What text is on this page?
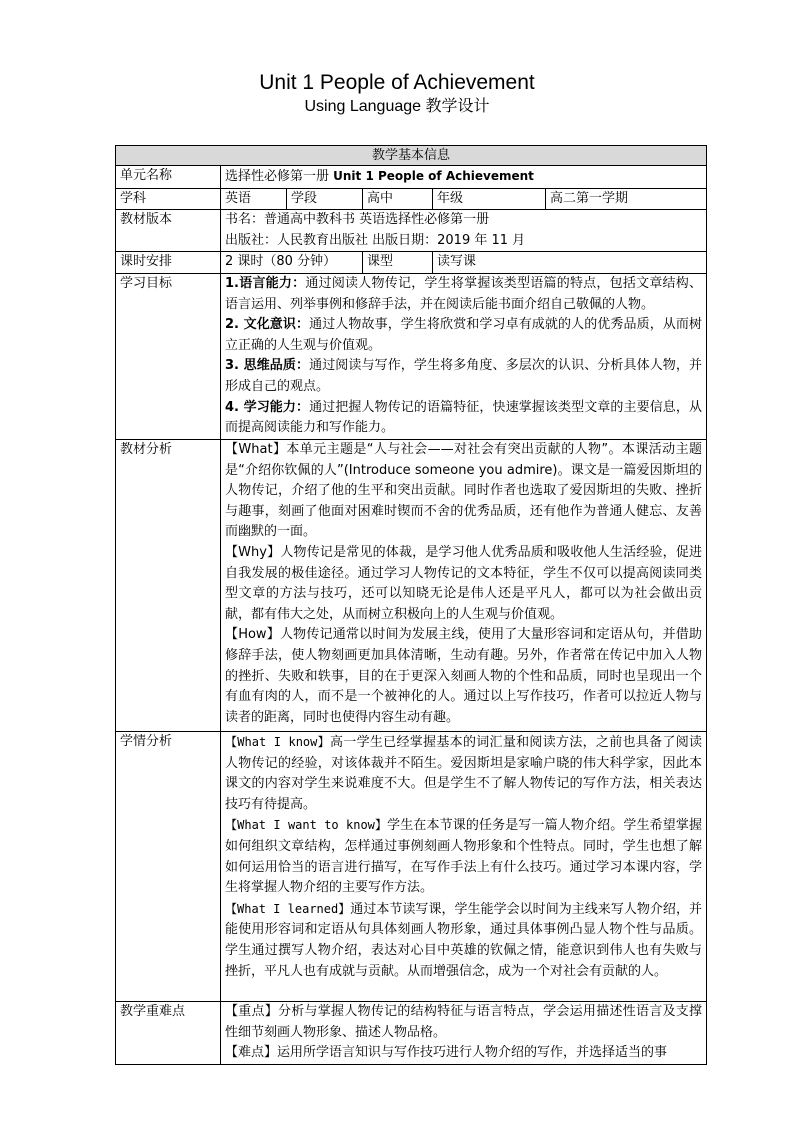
Unit 1 People of Achievement
Using Language 教学设计
教学基本信息					
单元名称	选择性必修第一册 Unit 1 People of Achievement				
学科	英语	学段	高中	年级	高二第一学期
教材版本	书名：普通高中教科书 英语选择性必修第一册
出版社：人民教育出版社 出版日期：2019 年 11 月				

课时安排	2 课时（80 分钟）		课型	读写课	
学习目标	1.语言能力：通过阅读人物传记，学生将掌握该类型语篇的特点，包括文章结构、语言运用、列举事例和修辞手法，并在阅读后能书面介绍自己敬佩的人物。
2. 文化意识：通过人物故事，学生将欣赏和学习卓有成就的人的优秀品质，从而树立正确的人生观与价值观。
3. 思维品质：通过阅读与写作，学生将多角度、多层次的认识、分析具体人物，并形成自己的观点。
4. 学习能力：通过把握人物传记的语篇特征，快速掌握该类型文章的主要信息，从而提高阅读能力和写作能力。				

教材分析	【What】本单元主题是“人与社会——对社会有突出贡献的人物”。本课活动主题是“介绍你钦佩的人”(Introduce someone you admire)。课文是一篇爱因斯坦的人物传记，介绍了他的生平和突出贡献。同时作者也选取了爱因斯坦的失败、挫折与趣事，刻画了他面对困难时锲而不舍的优秀品质，还有他作为普通人健忘、友善而幽默的一面。
【Why】人物传记是常见的体裁，是学习他人优秀品质和吸收他人生活经验，促进自我发展的极佳途径。通过学习人物传记的文本特征，学生不仅可以提高阅读同类型文章的方法与技巧，还可以知晓无论是伟人还是平凡人，都可以为社会做出贡献，都有伟大之处，从而树立积极向上的人生观与价值观。
【How】人物传记通常以时间为发展主线，使用了大量形容词和定语从句，并借助修辞手法，使人物刻画更加具体清晰，生动有趣。另外，作者常在传记中加入人物的挫折、失败和轶事，目的在于更深入刻画人物的个性和品质，同时也呈现出一个有血有肉的人，而不是一个被神化的人。通过以上写作技巧，作者可以拉近人物与读者的距离，同时也使得内容生动有趣。				

学情分析	【What I know】高一学生已经掌握基本的词汇量和阅读方法，之前也具备了阅读人物传记的经验，对该体裁并不陌生。爱因斯坦是家喻户晓的伟大科学家，因此本课文的内容对学生来说难度不大。但是学生不了解人物传记的写作方法，相关表达技巧有待提高。
【What I want to know】学生在本节课的任务是写一篇人物介绍。学生希望掌握如何组织文章结构，怎样通过事例刻画人物形象和个性特点。同时，学生也想了解如何运用恰当的语言进行描写，在写作手法上有什么技巧。通过学习本课内容，学生将掌握人物介绍的主要写作方法。
【What I learned】通过本节读写课，学生能学会以时间为主线来写人物介绍，并能使用形容词和定语从句具体刻画人物形象，通过具体事例凸显人物个性与品质。学生通过撰写人物介绍，表达对心目中英雄的钦佩之情，能意识到伟人也有失败与挫折，平凡人也有成就与贡献。从而增强信念，成为一个对社会有贡献的人。				

教学重难点	【重点】分析与掌握人物传记的结构特征与语言特点，学会运用描述性语言及支撑性细节刻画人物形象、描述人物品格。
【难点】运用所学语言知识与写作技巧进行人物介绍的写作，并选择适当的事				
